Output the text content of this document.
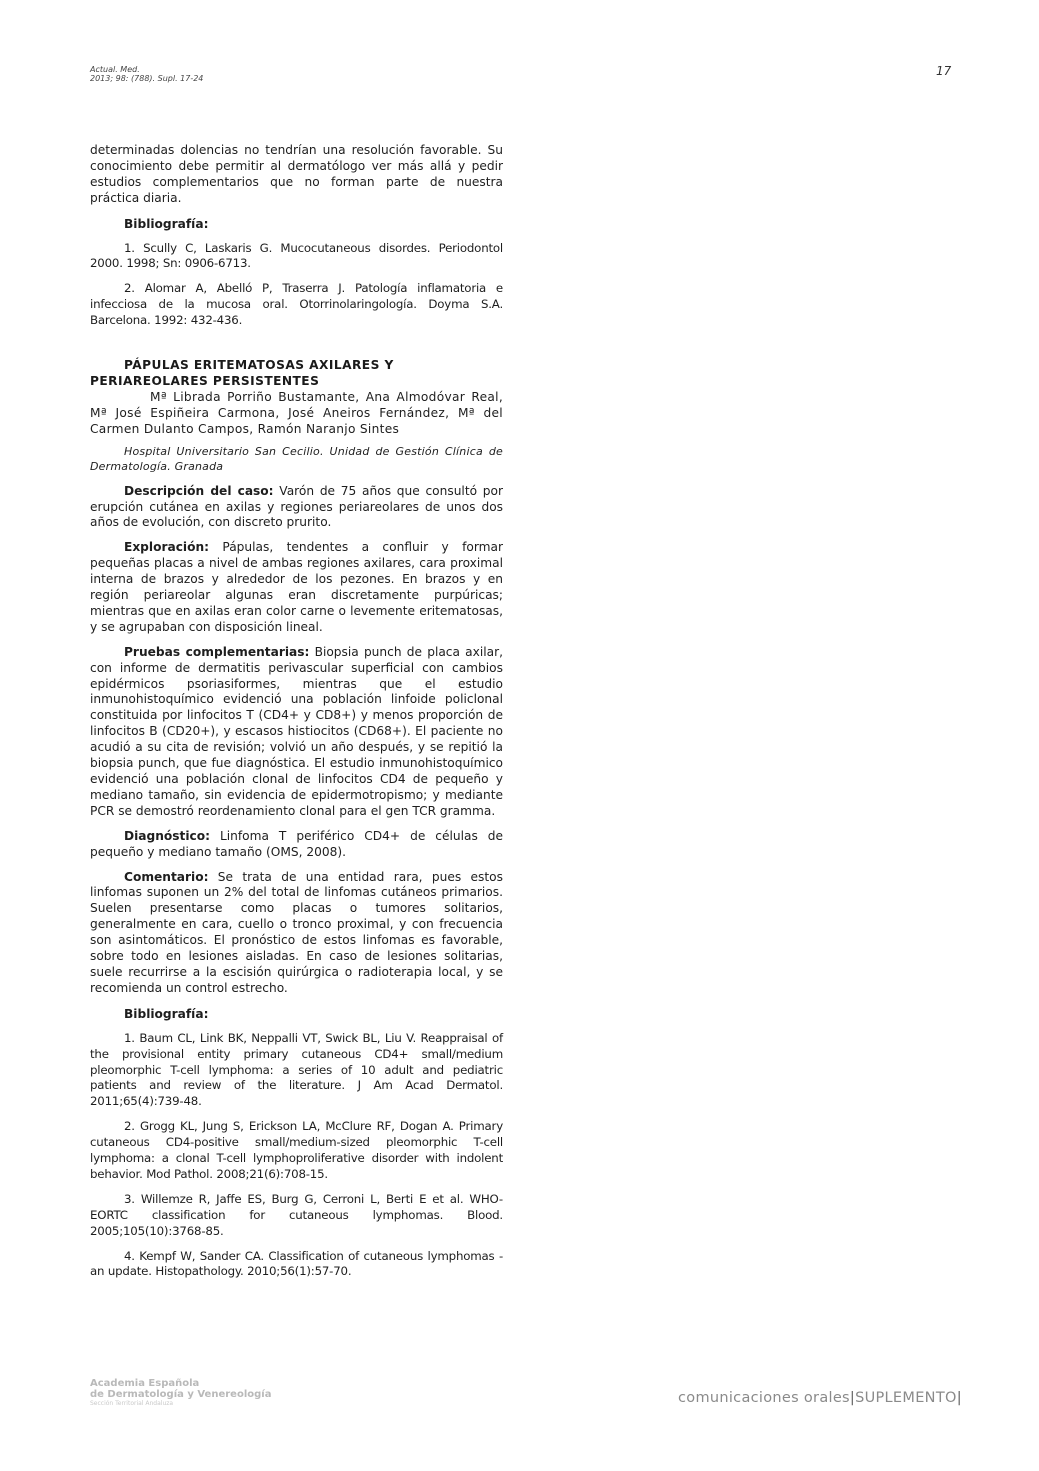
Actual. Med.
2013; 98: (788). Supl. 17-24
17

determinadas dolencias no tendrían una resolución favorable. Su conocimiento debe permitir al dermatólogo ver más allá y pedir estudios complementarios que no forman parte de nuestra práctica diaria.

Bibliografía:

1. Scully C, Laskaris G. Mucocutaneous disordes. Periodontol 2000. 1998; Sn: 0906-6713.

2. Alomar A, Abelló P, Traserra J. Patología inflamatoria e infecciosa de la mucosa oral. Otorrinolaringología. Doyma S.A. Barcelona. 1992: 432-436.

PÁPULAS ERITEMATOSAS AXILARES Y PERIAREOLARES PERSISTENTES

Mª Librada Porriño Bustamante, Ana Almodóvar Real, Mª José Espiñeira Carmona, José Aneiros Fernández, Mª del Carmen Dulanto Campos, Ramón Naranjo Sintes

Hospital Universitario San Cecilio. Unidad de Gestión Clínica de Dermatología. Granada

Descripción del caso: Varón de 75 años que consultó por erupción cutánea en axilas y regiones periareolares de unos dos años de evolución, con discreto prurito.

Exploración: Pápulas, tendentes a confluir y formar pequeñas placas a nivel de ambas regiones axilares, cara proximal interna de brazos y alrededor de los pezones. En brazos y en región periareolar algunas eran discretamente purpúricas; mientras que en axilas eran color carne o levemente eritematosas, y se agrupaban con disposición lineal.

Pruebas complementarias: Biopsia punch de placa axilar, con informe de dermatitis perivascular superficial con cambios epidérmicos psoriasiformes, mientras que el estudio inmunohistoquímico evidenció una población linfoide policlonal constituida por linfocitos T (CD4+ y CD8+) y menos proporción de linfocitos B (CD20+), y escasos histiocitos (CD68+). El paciente no acudió a su cita de revisión; volvió un año después, y se repitió la biopsia punch, que fue diagnóstica. El estudio inmunohistoquímico evidenció una población clonal de linfocitos CD4 de pequeño y mediano tamaño, sin evidencia de epidermotropismo; y mediante PCR se demostró reordenamiento clonal para el gen TCR gramma.

Diagnóstico: Linfoma T periférico CD4+ de células de pequeño y mediano tamaño (OMS, 2008).

Comentario: Se trata de una entidad rara, pues estos linfomas suponen un 2% del total de linfomas cutáneos primarios. Suelen presentarse como placas o tumores solitarios, generalmente en cara, cuello o tronco proximal, y con frecuencia son asintomáticos. El pronóstico de estos linfomas es favorable, sobre todo en lesiones aisladas. En caso de lesiones solitarias, suele recurrirse a la escisión quirúrgica o radioterapia local, y se recomienda un control estrecho.

Bibliografía:

1. Baum CL, Link BK, Neppalli VT, Swick BL, Liu V. Reappraisal of the provisional entity primary cutaneous CD4+ small/medium pleomorphic T-cell lymphoma: a series of 10 adult and pediatric patients and review of the literature. J Am Acad Dermatol. 2011;65(4):739-48.

2. Grogg KL, Jung S, Erickson LA, McClure RF, Dogan A. Primary cutaneous CD4-positive small/medium-sized pleomorphic T-cell lymphoma: a clonal T-cell lymphoproliferative disorder with indolent behavior. Mod Pathol. 2008;21(6):708-15.

3. Willemze R, Jaffe ES, Burg G, Cerroni L, Berti E et al. WHO-EORTC classification for cutaneous lymphomas. Blood. 2005;105(10):3768-85.

4. Kempf W, Sander CA. Classification of cutaneous lymphomas - an update. Histopathology. 2010;56(1):57-70.

Academia Española
de Dermatología y Venereología
Sección Territorial Andaluza	comunicaciones orales|SUPLEMENTO|
